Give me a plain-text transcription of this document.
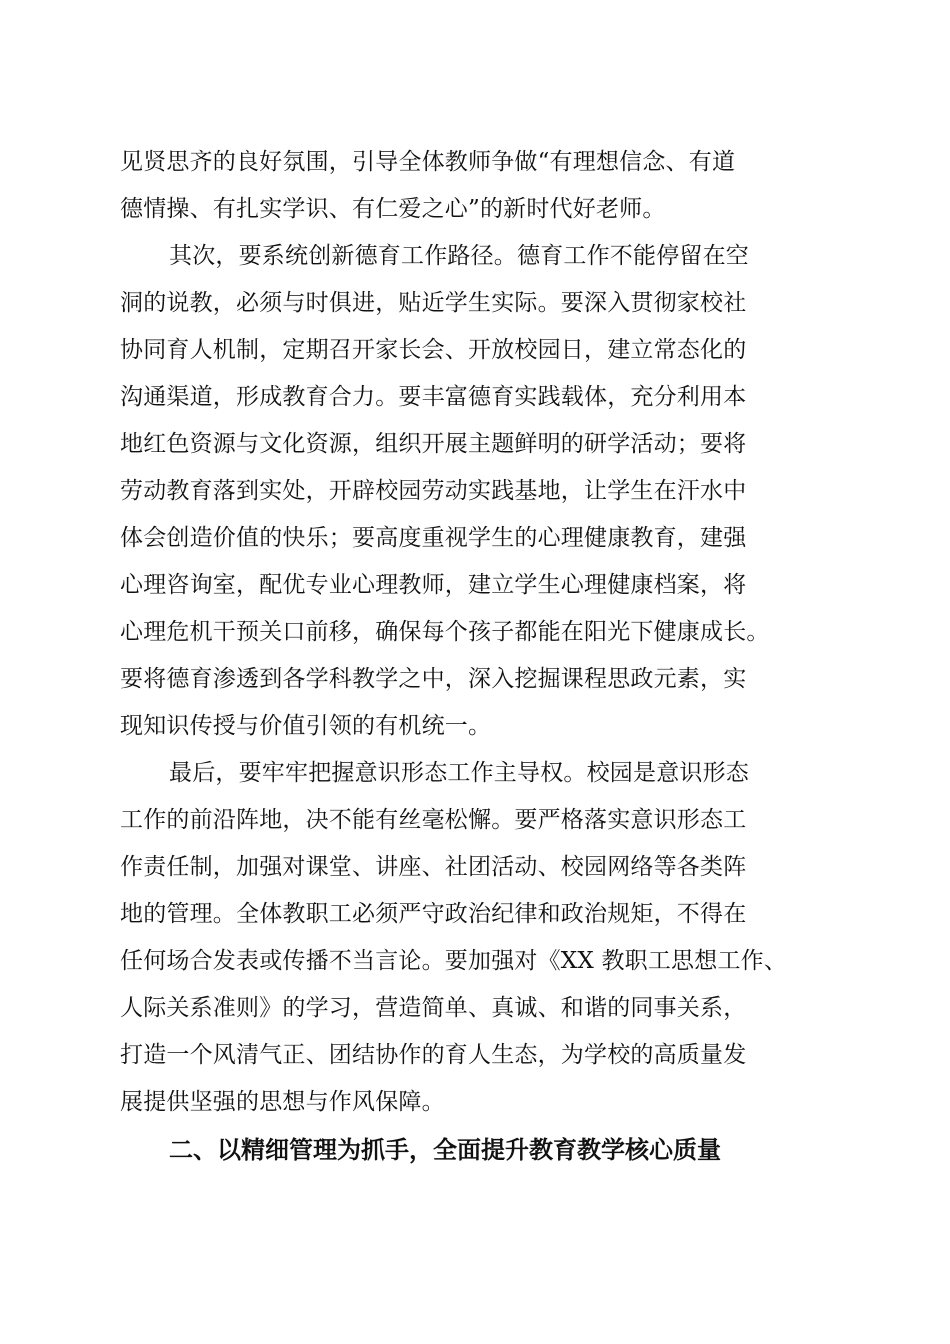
见贤思齐的良好氛围，引导全体教师争做“有理想信念、有道
德情操、有扎实学识、有仁爱之心”的新时代好老师。
其次，要系统创新德育工作路径。德育工作不能停留在空
洞的说教，必须与时俱进，贴近学生实际。要深入贯彻家校社
协同育人机制，定期召开家长会、开放校园日，建立常态化的
沟通渠道，形成教育合力。要丰富德育实践载体，充分利用本
地红色资源与文化资源，组织开展主题鲜明的研学活动；要将
劳动教育落到实处，开辟校园劳动实践基地，让学生在汗水中
体会创造价值的快乐；要高度重视学生的心理健康教育，建强
心理咨询室，配优专业心理教师，建立学生心理健康档案，将
心理危机干预关口前移，确保每个孩子都能在阳光下健康成长。
要将德育渗透到各学科教学之中，深入挖掘课程思政元素，实
现知识传授与价值引领的有机统一。
最后，要牢牢把握意识形态工作主导权。校园是意识形态
工作的前沿阵地，决不能有丝毫松懈。要严格落实意识形态工
作责任制，加强对课堂、讲座、社团活动、校园网络等各类阵
地的管理。全体教职工必须严守政治纪律和政治规矩，不得在
任何场合发表或传播不当言论。要加强对《XX 教职工思想工作、
人际关系准则》的学习，营造简单、真诚、和谐的同事关系，
打造一个风清气正、团结协作的育人生态，为学校的高质量发
展提供坚强的思想与作风保障。
二、以精细管理为抓手，全面提升教育教学核心质量
